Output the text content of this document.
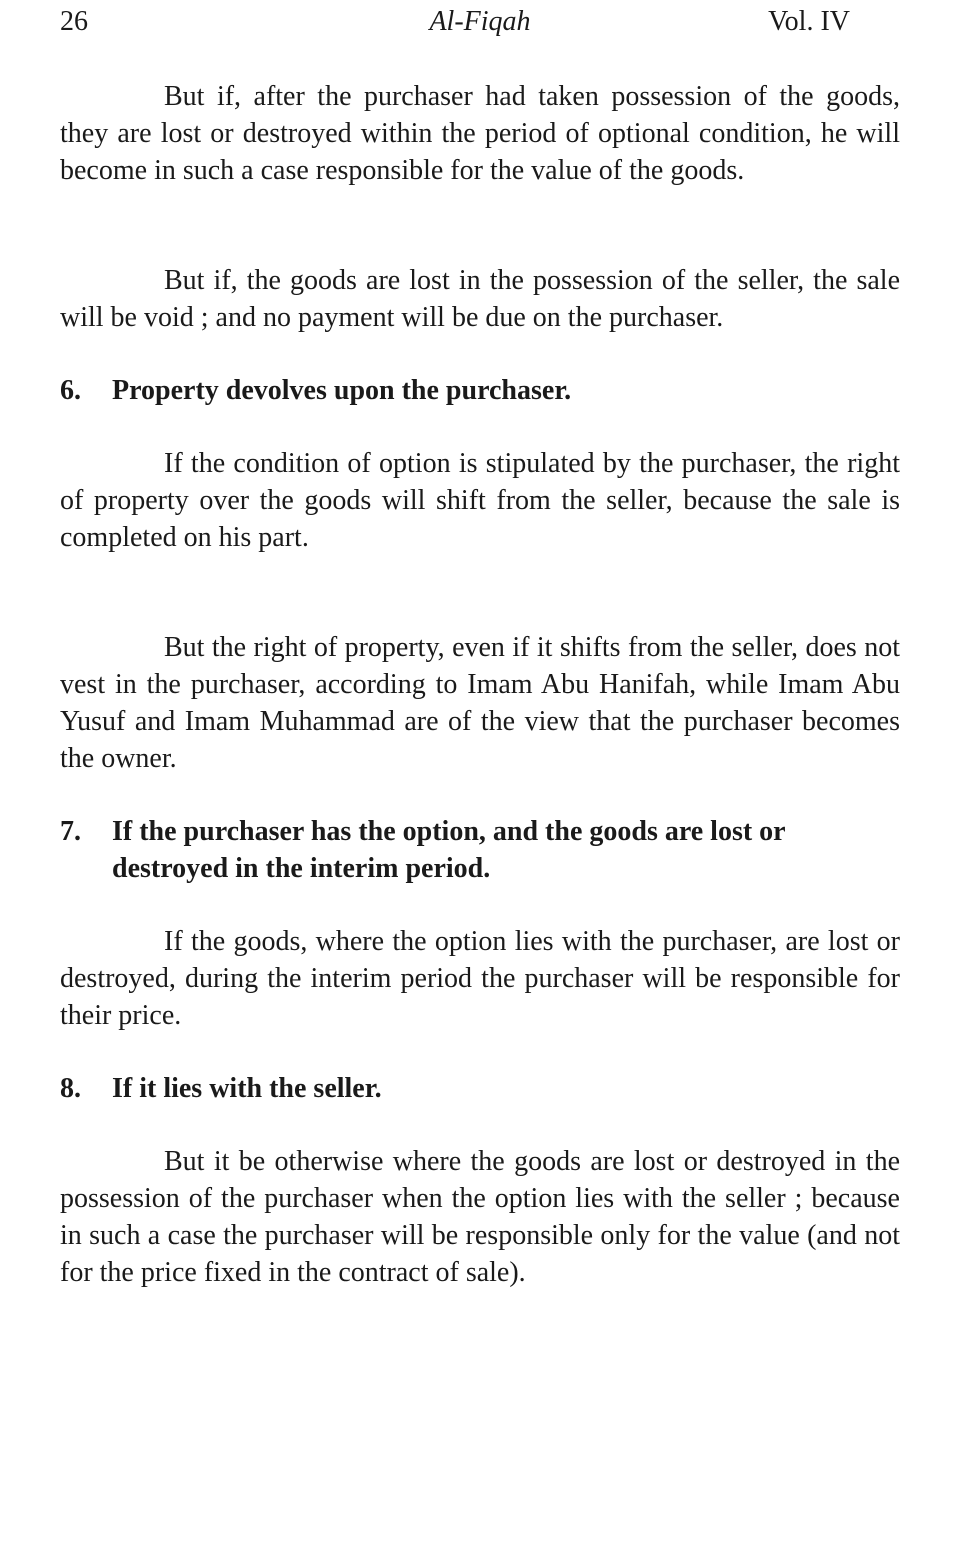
26	Al-Fiqah	Vol. IV

But if, after the purchaser had taken possession of the goods, they are lost or destroyed within the period of optional condition, he will become in such a case responsible for the value of the goods.

But if, the goods are lost in the possession of the seller, the sale will be void ; and no payment will be due on the purchaser.

6.	Property devolves upon the purchaser.

If the condition of option is stipulated by the purchaser, the right of property over the goods will shift from the seller, because the sale is completed on his part.

But the right of property, even if it shifts from the seller, does not vest in the purchaser, according to Imam Abu Hanifah, while Imam Abu Yusuf and Imam Muhammad are of the view that the purchaser becomes the owner.

7.	If the purchaser has the option, and the goods are lost or destroyed in the interim period.

If the goods, where the option lies with the purchaser, are lost or destroyed, during the interim period the purchaser will be responsible for their price.

8.	If it lies with the seller.

But it be otherwise where the goods are lost or destroyed in the possession of the purchaser when the option lies with the seller ; because in such a case the purchaser will be responsible only for the value (and not for the price fixed in the contract of sale).
